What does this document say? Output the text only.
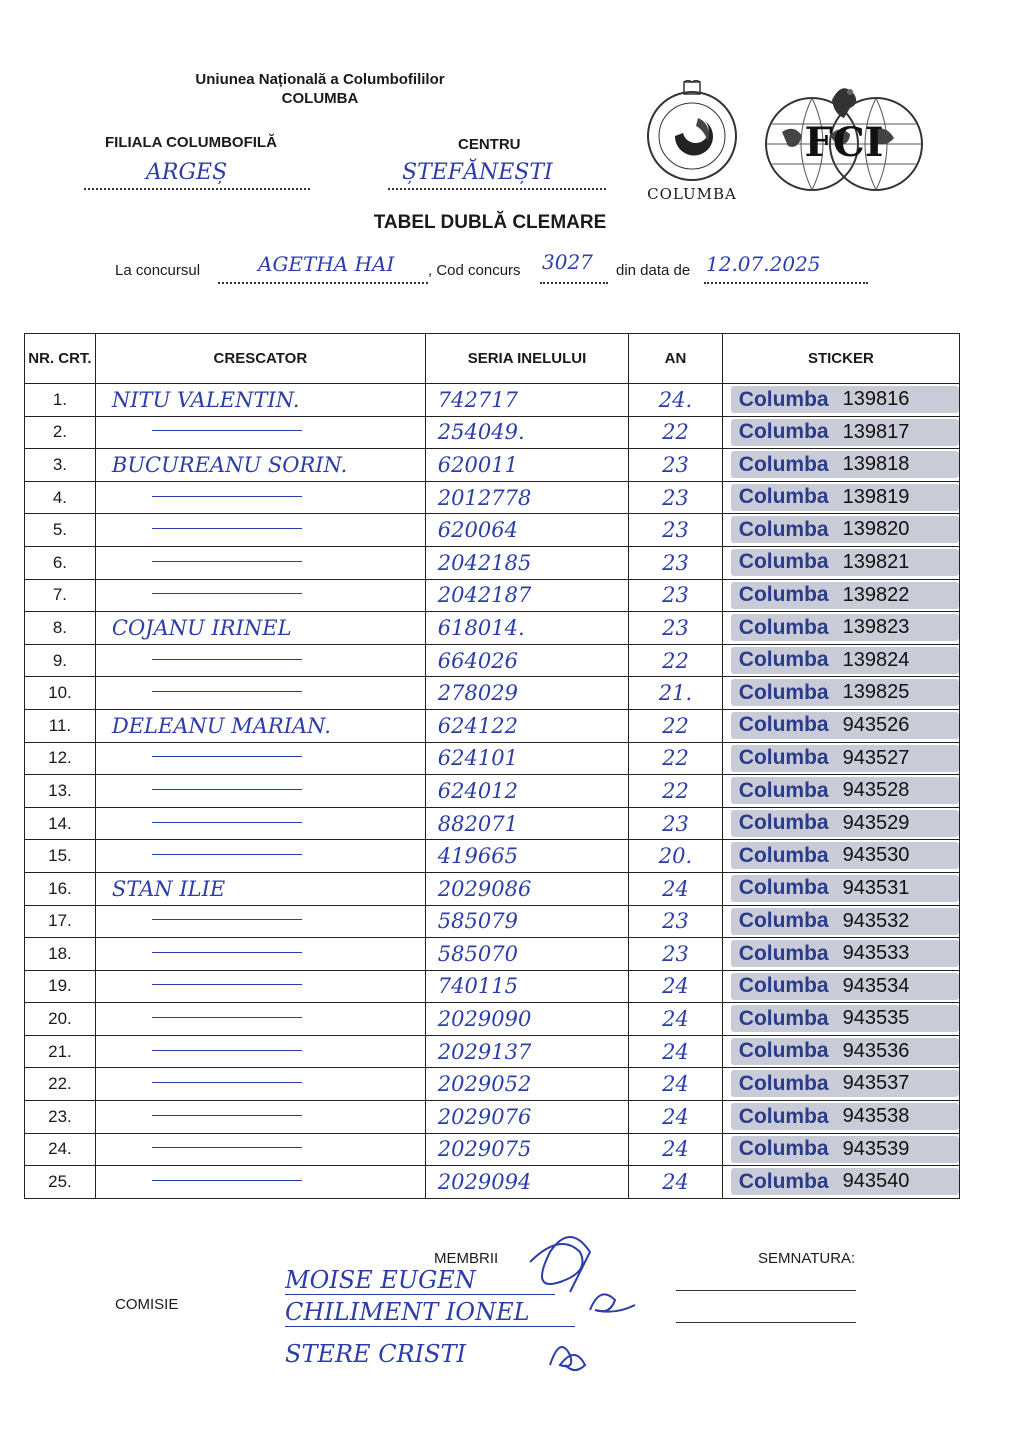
Uniunea Națională a Columbofililor
COLUMBA
FILIALA COLUMBOFILĂ
ARGEȘ
CENTRU
ȘTEFĂNEȘTI
COLUMBA
FCI
TABEL DUBLĂ CLEMARE
La concursul	AGETHA HAI , Cod concurs 3027 din data de 12.07.2025
NR. CRT.	CRESCATOR	SERIA INELULUI	AN	STICKER
1.	NITU VALENTIN.	742717	24.	Columba 139816

2.		254049.	22	Columba 139817

3.	BUCUREANU SORIN.	620011	23	Columba 139818

4.		2012778	23	Columba 139819

5.		620064	23	Columba 139820

6.		2042185	23	Columba 139821

7.		2042187	23	Columba 139822

8.	COJANU IRINEL	618014.	23	Columba 139823

9.		664026	22	Columba 139824

10.		278029	21.	Columba 139825

11.	DELEANU MARIAN.	624122	22	Columba 943526

12.		624101	22	Columba 943527

13.		624012	22	Columba 943528

14.		882071	23	Columba 943529

15.		419665	20.	Columba 943530

16.	STAN ILIE	2029086	24	Columba 943531

17.		585079	23	Columba 943532

18.		585070	23	Columba 943533

19.		740115	24	Columba 943534

20.		2029090	24	Columba 943535

21.		2029137	24	Columba 943536

22.		2029052	24	Columba 943537

23.		2029076	24	Columba 943538

24.		2029075	24	Columba 943539

25.		2029094	24	Columba 943540
MEMBRII	SEMNATURA:
COMISIE
MOISE EUGEN
CHILIMENT IONEL
STERE CRISTI
